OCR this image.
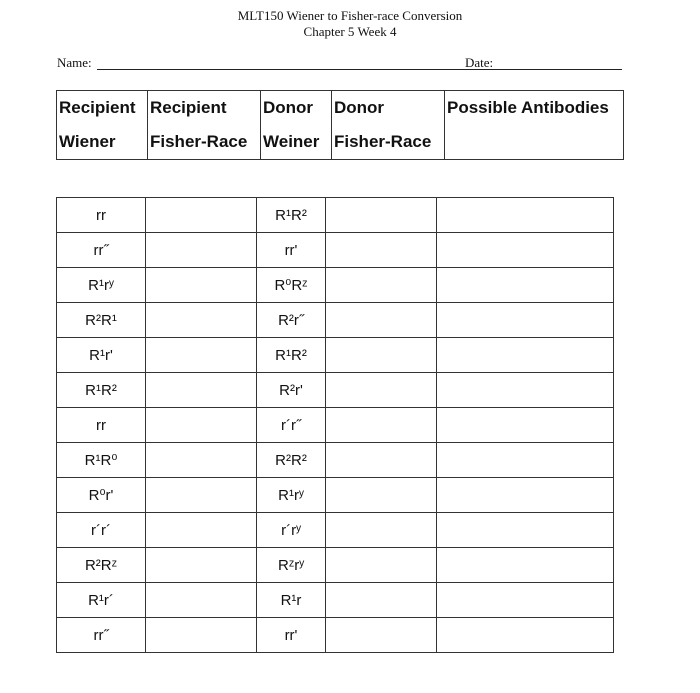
MLT150 Wiener to Fisher-race Conversion
Chapter 5 Week 4
Name:	Date:
Recipient	Recipient	Donor	Donor	Possible Antibodies
Wiener	Fisher-Race	Weiner	Fisher-Race	
rr		R¹R²		
rr˝		rr'		
R¹rʸ		R⁰Rᶻ		
R²R¹		R²r˝		
R¹r'		R¹R²		
R¹R²		R²r'		
rr		r´r˝		
R¹R⁰		R²R²		
R⁰r'		R¹rʸ		
r´r´		r´rʸ		
R²Rᶻ		Rᶻrʸ		
R¹r´		R¹r		
rr˝		rr'		
